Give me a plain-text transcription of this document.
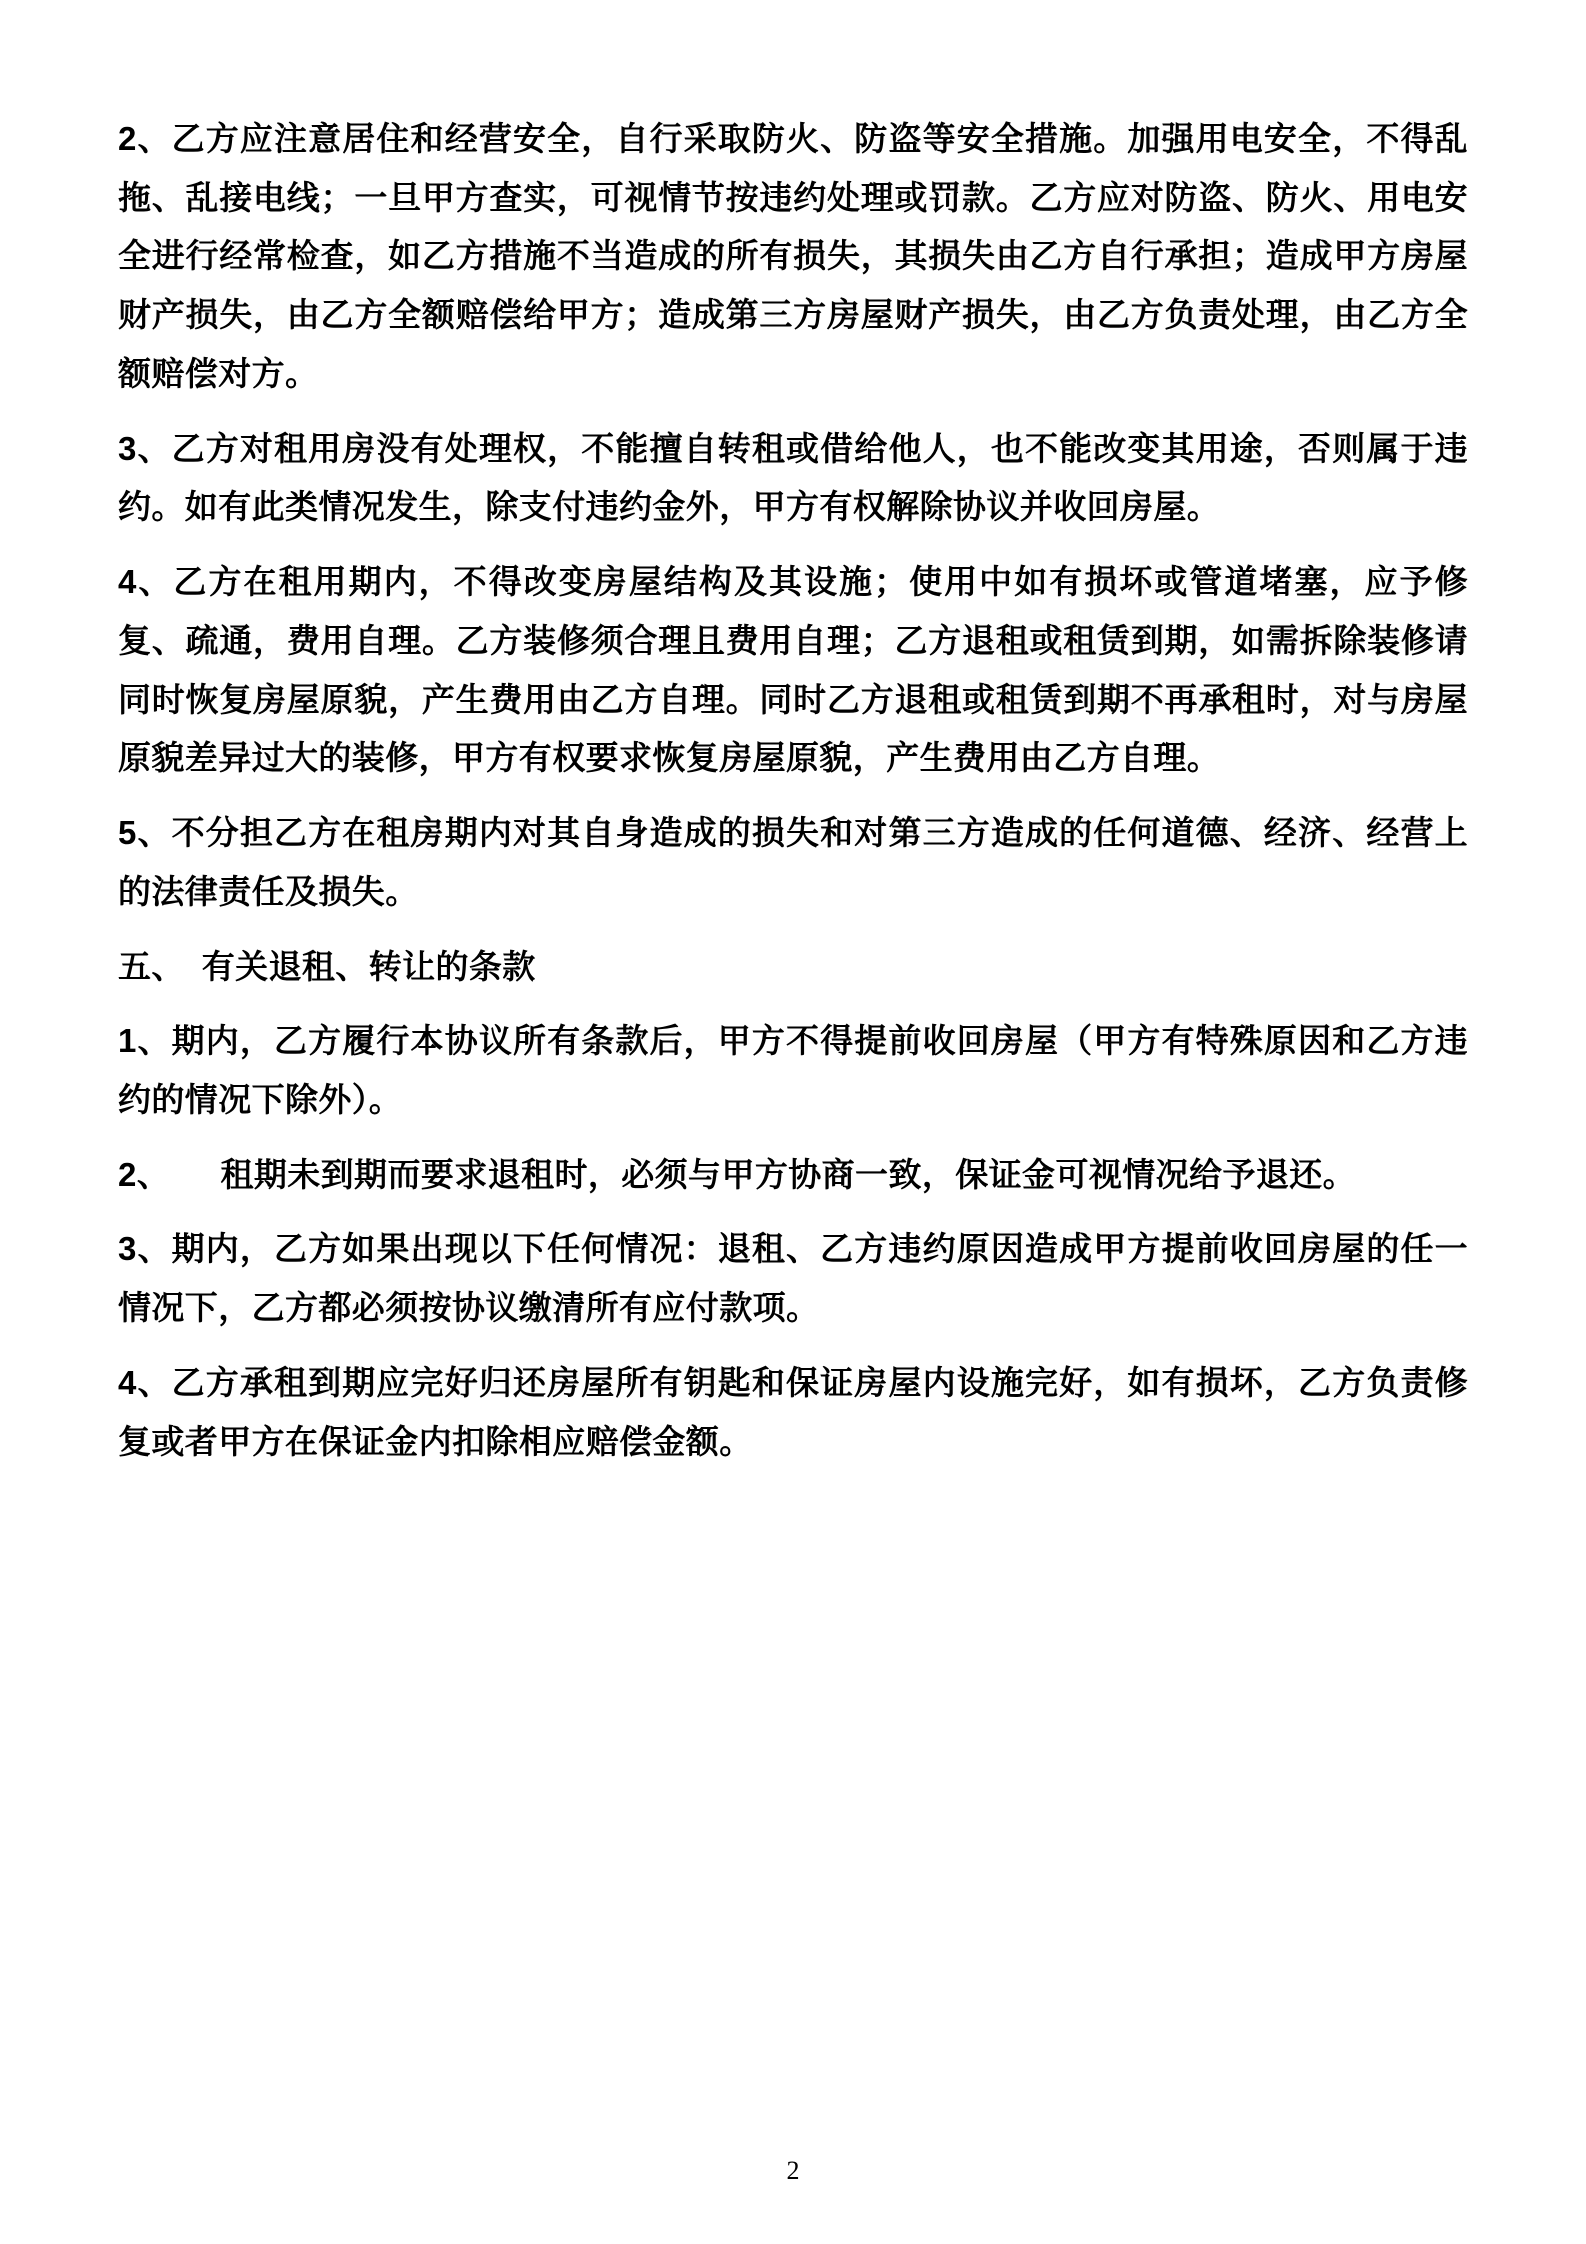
2、乙方应注意居住和经营安全，自行采取防火、防盗等安全措施。加强用电安全，不得乱拖、乱接电线；一旦甲方查实，可视情节按违约处理或罚款。乙方应对防盗、防火、用电安全进行经常检查，如乙方措施不当造成的所有损失，其损失由乙方自行承担；造成甲方房屋财产损失，由乙方全额赔偿给甲方；造成第三方房屋财产损失，由乙方负责处理，由乙方全额赔偿对方。

3、乙方对租用房没有处理权，不能擅自转租或借给他人，也不能改变其用途，否则属于违约。如有此类情况发生，除支付违约金外，甲方有权解除协议并收回房屋。

4、乙方在租用期内，不得改变房屋结构及其设施；使用中如有损坏或管道堵塞，应予修复、疏通，费用自理。乙方装修须合理且费用自理；乙方退租或租赁到期，如需拆除装修请同时恢复房屋原貌，产生费用由乙方自理。同时乙方退租或租赁到期不再承租时，对与房屋原貌差异过大的装修，甲方有权要求恢复房屋原貌，产生费用由乙方自理。

5、不分担乙方在租房期内对其自身造成的损失和对第三方造成的任何道德、经济、经营上的法律责任及损失。

五、　有关退租、转让的条款

1、期内，乙方履行本协议所有条款后，甲方不得提前收回房屋（甲方有特殊原因和乙方违约的情况下除外）。

2、　　租期未到期而要求退租时，必须与甲方协商一致，保证金可视情况给予退还。

3、期内，乙方如果出现以下任何情况：退租、乙方违约原因造成甲方提前收回房屋的任一情况下，乙方都必须按协议缴清所有应付款项。

4、乙方承租到期应完好归还房屋所有钥匙和保证房屋内设施完好，如有损坏，乙方负责修复或者甲方在保证金内扣除相应赔偿金额。

2
